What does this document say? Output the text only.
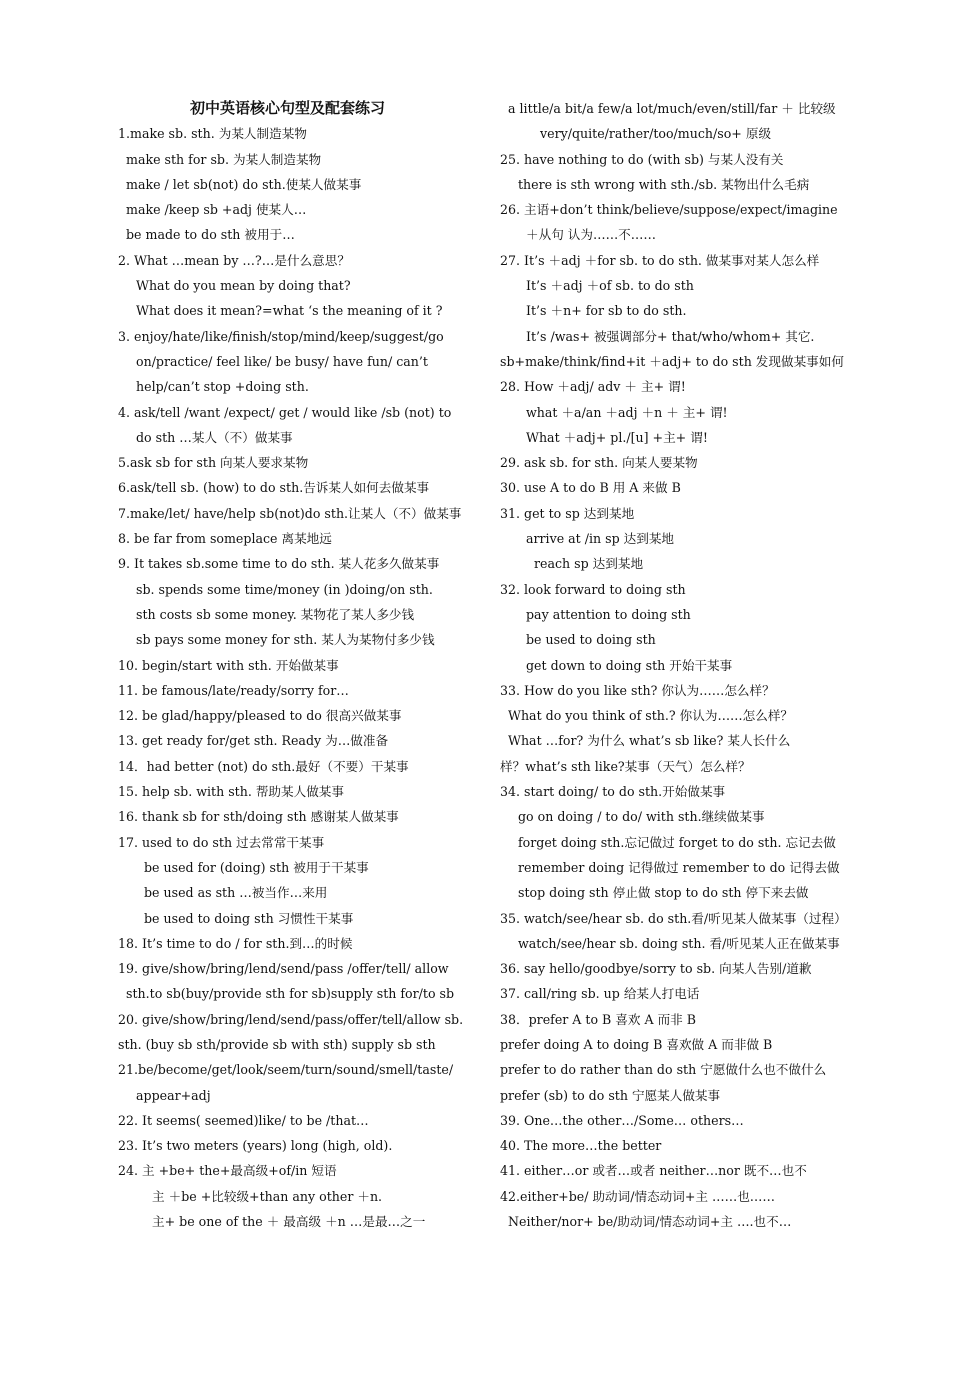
初中英语核心句型及配套练习
1.make sb. sth. 为某人制造某物
make sth for sb. 为某人制造某物
make / let sb(not) do sth.使某人做某事
make /keep sb +adj 使某人…
be made to do sth 被用于…
2. What …mean by …?…是什么意思？
What do you mean by doing that?
What does it mean?=what ‘s the meaning of it ?
3. enjoy/hate/like/finish/stop/mind/keep/suggest/go
on/practice/ feel like/ be busy/ have fun/ can’t
help/can’t stop +doing sth.
4. ask/tell /want /expect/ get / would like /sb (not) to
do sth …某人（不）做某事
5.ask sb for sth 向某人要求某物
6.ask/tell sb. (how) to do sth.告诉某人如何去做某事
7.make/let/ have/help sb(not)do sth.让某人（不）做某事
8. be far from someplace 离某地远
9. It takes sb.some time to do sth. 某人花多久做某事
sb. spends some time/money (in )doing/on sth.
sth costs sb some money. 某物花了某人多少钱
sb pays some money for sth. 某人为某物付多少钱
10. begin/start with sth. 开始做某事
11. be famous/late/ready/sorry for…
12. be glad/happy/pleased to do 很高兴做某事
13. get ready for/get sth. Ready 为…做准备
14．had better (not) do sth.最好（不要）干某事
15. help sb. with sth. 帮助某人做某事
16. thank sb for sth/doing sth 感谢某人做某事
17. used to do sth 过去常常干某事
be used for (doing) sth 被用于干某事
be used as sth …被当作…来用
be used to doing sth 习惯性干某事
18. It’s time to do / for sth.到…的时候
19. give/show/bring/lend/send/pass /offer/tell/ allow
sth.to sb(buy/provide sth for sb)supply sth for/to sb
20. give/show/bring/lend/send/pass/offer/tell/allow sb.
sth. (buy sb sth/provide sb with sth) supply sb sth
21.be/become/get/look/seem/turn/sound/smell/taste/
appear+adj
22. It seems( seemed)like/ to be /that…
23. It’s two meters (years) long (high, old).
24. 主 +be+ the+最高级+of/in 短语
主 ＋be +比较级+than any other ＋n.
主+ be one of the ＋ 最高级 ＋n …是最…之一
a little/a bit/a few/a lot/much/even/still/far ＋ 比较级
very/quite/rather/too/much/so+ 原级
25. have nothing to do (with sb) 与某人没有关
there is sth wrong with sth./sb. 某物出什么毛病
26. 主语+don’t think/believe/suppose/expect/imagine
＋从句 认为……不……
27. It’s ＋adj ＋for sb. to do sth. 做某事对某人怎么样
It’s ＋adj ＋of sb. to do sth
It’s ＋n+ for sb to do sth.
It’s /was+ 被强调部分+ that/who/whom+ 其它.
sb+make/think/find+it ＋adj+ to do sth 发现做某事如何
28. How ＋adj/ adv ＋ 主+ 谓!
what ＋a/an ＋adj ＋n ＋ 主+ 谓!
What ＋adj+ pl./[u] +主+ 谓!
29. ask sb. for sth. 向某人要某物
30. use A to do B 用 A 来做 B
31. get to sp 达到某地
arrive at /in sp 达到某地
reach sp 达到某地
32. look forward to doing sth
pay attention to doing sth
be used to doing sth
get down to doing sth 开始干某事
33. How do you like sth? 你认为……怎么样？
What do you think of sth.? 你认为……怎么样？
What …for? 为什么 what’s sb like? 某人长什么
样？what’s sth like?某事（天气）怎么样？
34. start doing/ to do sth.开始做某事
go on doing / to do/ with sth.继续做某事
forget doing sth.忘记做过 forget to do sth. 忘记去做
remember doing 记得做过 remember to do 记得去做
stop doing sth 停止做 stop to do sth 停下来去做
35. watch/see/hear sb. do sth.看/听见某人做某事（过程）
watch/see/hear sb. doing sth. 看/听见某人正在做某事
36. say hello/goodbye/sorry to sb. 向某人告别/道歉
37. call/ring sb. up 给某人打电话
38．prefer A to B 喜欢 A 而非 B
prefer doing A to doing B 喜欢做 A 而非做 B
prefer to do rather than do sth 宁愿做什么也不做什么
prefer (sb) to do sth 宁愿某人做某事
39. One…the other…/Some… others…
40. The more…the better
41. either…or 或者…或者 neither…nor 既不…也不
42.either+be/ 助动词/情态动词+主 ……也……
Neither/nor+ be/助动词/情态动词+主 ….也不…
